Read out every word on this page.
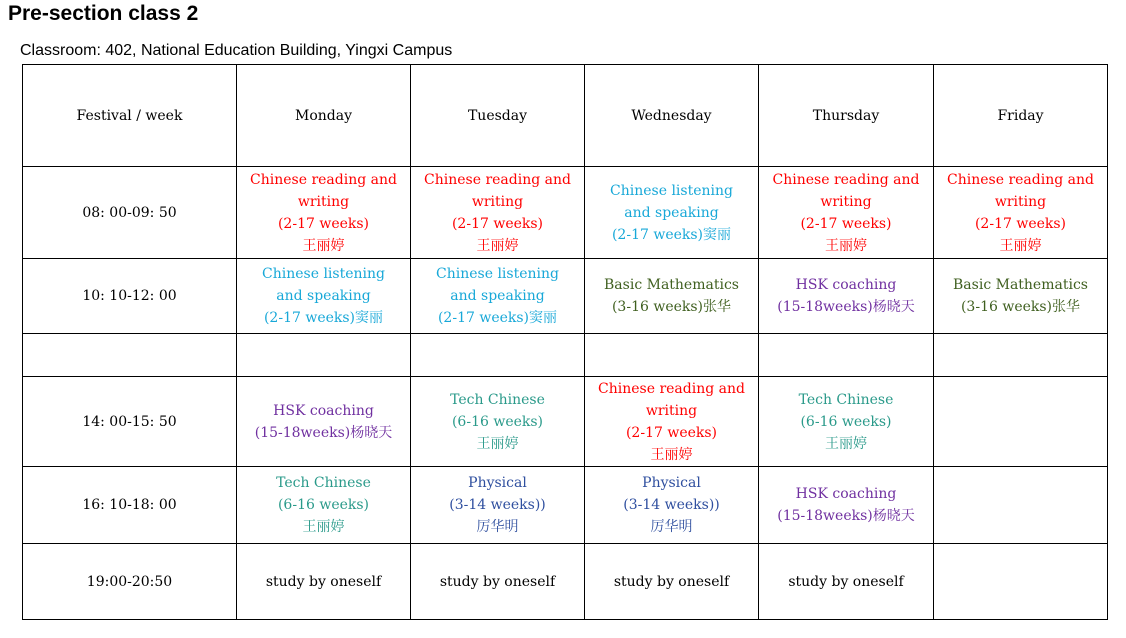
Pre-section class 2
Classroom: 402, National Education Building, Yingxi Campus
Festival / week	Monday	Tuesday	Wednesday	Thursday	Friday
08: 00-09: 50	Chinese reading and
writing
(2-17 weeks)
王丽婷	Chinese reading and
writing
(2-17 weeks)
王丽婷	Chinese listening
and speaking
(2-17 weeks)窦丽	Chinese reading and
writing
(2-17 weeks)
王丽婷	Chinese reading and
writing
(2-17 weeks)
王丽婷

10: 10-12: 00	Chinese listening
and speaking
(2-17 weeks)窦丽	Chinese listening
and speaking
(2-17 weeks)窦丽	Basic Mathematics
(3-16 weeks)张华	HSK coaching
(15-18weeks)杨晓天	Basic Mathematics
(3-16 weeks)张华

14: 00-15: 50	HSK coaching
(15-18weeks)杨晓天	Tech Chinese
(6-16 weeks)
王丽婷	Chinese reading and
writing
(2-17 weeks)
王丽婷	Tech Chinese
(6-16 weeks)
王丽婷	

16: 10-18: 00	Tech Chinese
(6-16 weeks)
王丽婷	Physical
(3-14 weeks))
厉华明	Physical
(3-14 weeks))
厉华明	HSK coaching
(15-18weeks)杨晓天	

19:00-20:50	study by oneself	study by oneself	study by oneself	study by oneself	
